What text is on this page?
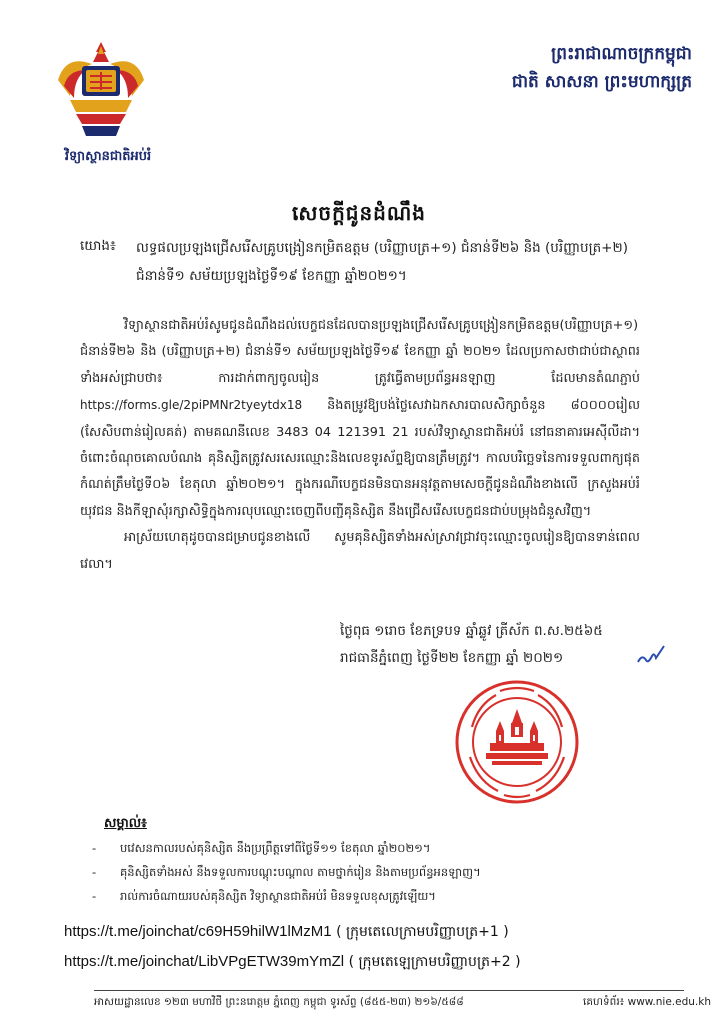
វិទ្យាស្ថានជាតិអប់រំ
ព្រះរាជាណាចក្រកម្ពុជា
ជាតិ សាសនា ព្រះមហាក្សត្រ
សេចក្តីជូនដំណឹង
យោង៖ លទ្ធផលប្រឡងជ្រើសរើសគ្រូបង្រៀនកម្រិតឧត្តម (បរិញ្ញាបត្រ+១) ជំនាន់ទី២៦ និង (បរិញ្ញាបត្រ+២)
ជំនាន់ទី១ សម័យប្រឡងថ្ងៃទី១៩ ខែកញ្ញា ឆ្នាំ២០២១។

វិទ្យាស្ថានជាតិអប់រំសូមជូនដំណឹងដល់បេក្ខជនដែលបានប្រឡងជ្រើសរើសគ្រូបង្រៀនកម្រិតឧត្តម(បរិញ្ញាបត្រ+១) ជំនាន់ទី២៦ និង (បរិញ្ញាបត្រ+២) ជំនាន់ទី១ សម័យប្រឡងថ្ងៃទី១៩ ខែកញ្ញា ឆ្នាំ ២០២១ ដែលប្រកាសថាជាប់ជាស្ថាពរទាំងអស់ជ្រាបថា៖ ការដាក់ពាក្យចូលរៀន ត្រូវធ្វើតាមប្រព័ន្ធអនឡាញ ដែលមានតំណភ្ជាប់ https://forms.gle/2piPMNr2tyeytdx18 និងតម្រូវឱ្យបង់ថ្លៃសេវាឯកសារបាលសិក្សាចំនួន ៨០០០០រៀល (សែសិបពាន់រៀលគត់) តាមគណនីលេខ 3483 04 121391 21 របស់វិទ្យាស្ថានជាតិអប់រំ នៅធនាគារអេស៊ីលីដា។ ចំពោះចំណុចគោលបំណង គុនិស្សិតត្រូវសរសេរឈ្មោះនិងលេខទូរស័ព្ទឱ្យបានត្រឹមត្រូវ។ កាលបរិច្ឆេទនៃការទទួលពាក្យផុតកំណត់ត្រឹមថ្ងៃទី០៦ ខែតុលា ឆ្នាំ២០២១។ ក្នុងករណីបេក្ខជនមិនបានអនុវត្តតាមសេចក្តីជូនដំណឹងខាងលើ ក្រសួងអប់រំ យុវជន និងកីឡាសុំរក្សាសិទ្ធិក្នុងការលុបឈ្មោះចេញពីបញ្ជីគុនិស្សិត នឹងជ្រើសរើសបេក្ខជនជាប់បម្រុងជំនួសវិញ។

អាស្រ័យហេតុដូចបានជម្រាបជូនខាងលើ សូមគុនិស្សិតទាំងអស់ស្រាវជ្រាវចុះឈ្មោះចូលរៀនឱ្យបានទាន់ពេលវេលា។

ថ្ងៃពុធ ១រោច ខែភទ្របទ ឆ្នាំឆ្លូវ ត្រីស័ក ព.ស.២៥៦៥
រាជធានីភ្នំពេញ ថ្ងៃទី២២ ខែកញ្ញា ឆ្នាំ ២០២១
សម្គាល់៖
- បវេសនកាលរបស់គុនិស្សិត នឹងប្រព្រឹត្តទៅពីថ្ងៃទី១១ ខែតុលា ឆ្នាំ២០២១។
- គុនិស្សិតទាំងអស់ នឹងទទួលការបណ្តុះបណ្តាល តាមថ្នាក់រៀន និងតាមប្រព័ន្ធអនឡាញ។
- រាល់ការចំណាយរបស់គុនិស្សិត វិទ្យាស្ថានជាតិអប់រំ មិនទទួលខុសត្រូវឡើយ។
https://t.me/joinchat/c69H59hilW1lMzM1 ( ក្រុមតេលេក្រាមបរិញ្ញាបត្រ+1 )
https://t.me/joinchat/LibVPgETW39mYmZl ( ក្រុមតេឡេក្រាមបរិញ្ញាបត្រ+2 )
អាសយដ្ឋានលេខ ១២៣ មហាវិថី ព្រះនរោត្តម ភ្នំពេញ កម្ពុជា ទូរស័ព្ទ (៨៥៥-២៣) ២១៦/៥៨៨	គេហទំព័រ៖ www.nie.edu.kh
